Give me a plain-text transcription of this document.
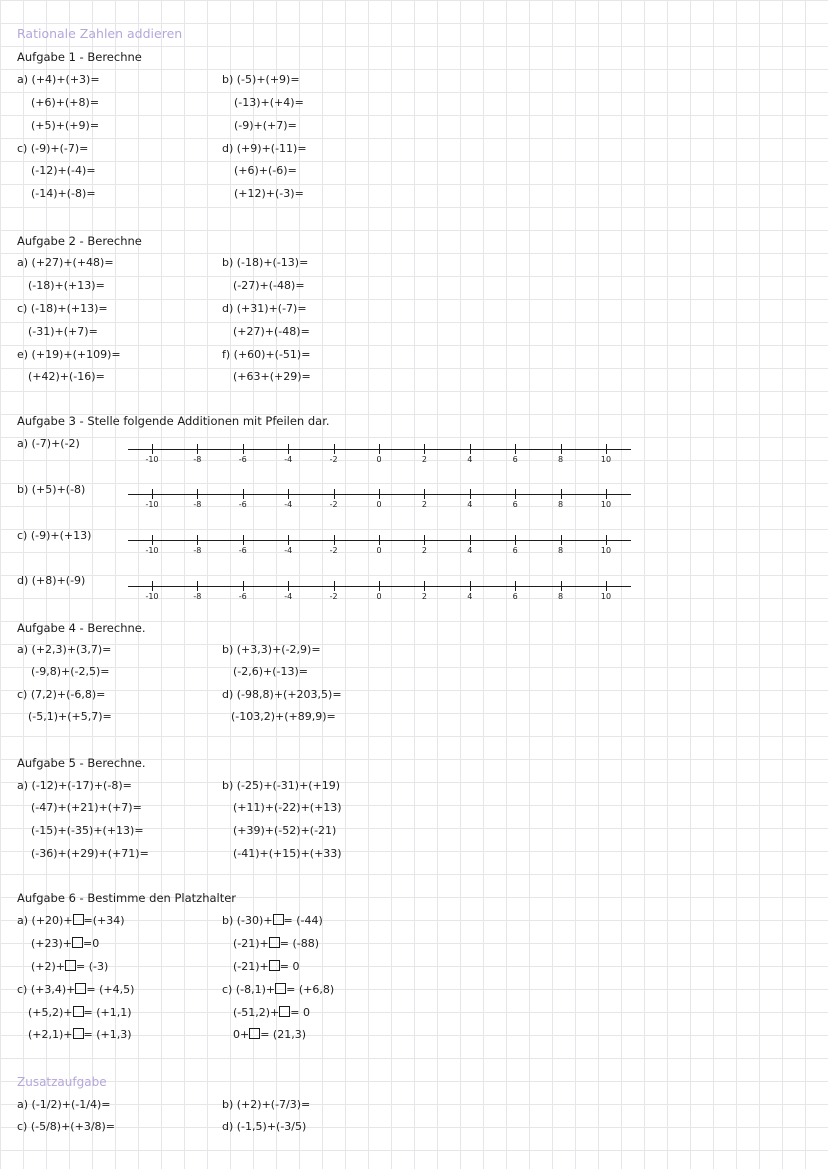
Rationale Zahlen addieren
Aufgabe 1 - Berechne
a) (+4)+(+3)=
(+6)+(+8)=
(+5)+(+9)=
b) (-5)+(+9)=
(-13)+(+4)=
(-9)+(+7)=
c) (-9)+(-7)=
(-12)+(-4)=
(-14)+(-8)=
d) (+9)+(-11)=
(+6)+(-6)=
(+12)+(-3)=
Aufgabe 2 - Berechne
a) (+27)+(+48)=
(-18)+(+13)=
b) (-18)+(-13)=
(-27)+(-48)=
c) (-18)+(+13)=
(-31)+(+7)=
d) (+31)+(-7)=
(+27)+(-48)=
e) (+19)+(+109)=
(+42)+(-16)=
f) (+60)+(-51)=
(+63+(+29)=
Aufgabe 3 - Stelle folgende Additionen mit Pfeilen dar.
a) (-7)+(-2)
b) (+5)+(-8)
c) (-9)+(+13)
d) (+8)+(-9)
-10	-8	-6	-4	-2	0	2	4	6	8	10
-10	-8	-6	-4	-2	0	2	4	6	8	10
-10	-8	-6	-4	-2	0	2	4	6	8	10
-10	-8	-6	-4	-2	0	2	4	6	8	10
Aufgabe 4 - Berechne.
a) (+2,3)+(3,7)=
(-9,8)+(-2,5)=
b) (+3,3)+(-2,9)=
(-2,6)+(-13)=
c) (7,2)+(-6,8)=
(-5,1)+(+5,7)=
d) (-98,8)+(+203,5)=
(-103,2)+(+89,9)=
Aufgabe 5 - Berechne.
a) (-12)+(-17)+(-8)=
(-47)+(+21)+(+7)=
(-15)+(-35)+(+13)=
(-36)+(+29)+(+71)=
b) (-25)+(-31)+(+19)
(+11)+(-22)+(+13)
(+39)+(-52)+(-21)
(-41)+(+15)+(+33)
Aufgabe 6 - Bestimme den Platzhalter
a) (+20)+ =(+34)
(+23)+ =0
(+2)+ = (-3)
b) (-30)+ = (-44)
(-21)+ = (-88)
(-21)+ = 0
c) (+3,4)+ = (+4,5)
(+5,2)+ = (+1,1)
(+2,1)+ = (+1,3)
c) (-8,1)+ = (+6,8)
(-51,2)+ = 0
0+ = (21,3)
Zusatzaufgabe
a) (-1/2)+(-1/4)=	b) (+2)+(-7/3)=
c) (-5/8)+(+3/8)=	d) (-1,5)+(-3/5)
